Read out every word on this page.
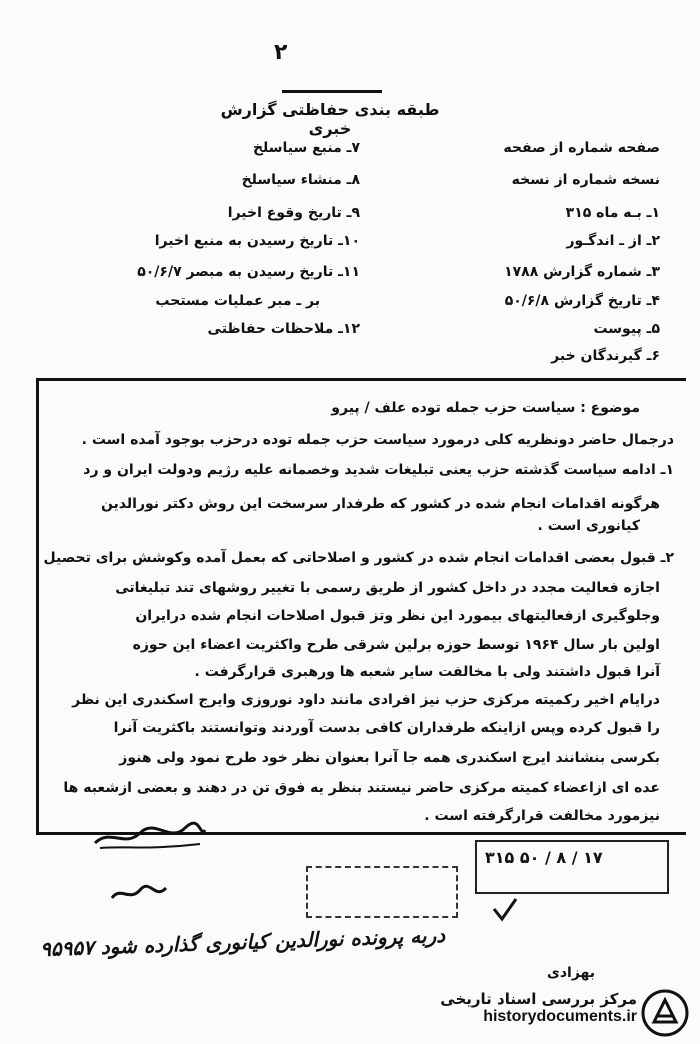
۲
طبقه بندی حفاظتی گزارش خبری
صفحه شماره از صفحه
نسخه شماره از نسخه
۱ـ بـه ماه ۳۱۵
۲ـ از ـ اندگـور
۳ـ شماره گزارش ۱۷۸۸
۴ـ تاریخ گزارش ۵۰/۶/۸
۵ـ پیوست
۶ـ گیرندگان خبر
۷ـ منبع سیاسلخ
۸ـ منشاء سیاسلخ
۹ـ تاریخ وقوع اخیرا
۱۰ـ تاریخ رسیدن به منبع اخیرا
۱۱ـ تاریخ رسیدن به مبصر ۵۰/۶/۷
بر ـ مبر عملیات مستحب
۱۲ـ ملاحظات حفاظتی
موضوع : سیاست حزب جمله توده علف / پیرو
درجمال حاضر دونظریه کلی درمورد سیاست حزب جمله توده درحزب بوجود آمده است .
۱ـ ادامه سیاست گذشته حزب یعنی تبلیغات شدید وخصمانه علیه رژیم ودولت ایران و رد
هرگونه اقدامات انجام شده در کشور که طرفدار سرسخت این روش دکتر نورالدین
کیانوری است .
۲ـ قبول بعضی اقدامات انجام شده در کشور و اصلاحاتی که بعمل آمده وکوشش برای تحصیل
اجازه فعالیت مجدد در داخل کشور از طریق رسمی با تغییر روشهای تند تبلیغاتی
وجلوگیری ازفعالیتهای بیمورد این نظر وتز قبول اصلاحات انجام شده درایران
اولین بار سال ۱۹۶۴ توسط حوزه برلین شرقی طرح واکثریت اعضاء این حوزه
آنرا قبول داشتند ولی با مخالفت سایر شعبه ها ورهبری قرارگرفت .
درایام اخیر رکمیته مرکزی حزب نیز افرادی مانند داود نوروزی وایرج اسکندری این نظر
را قبول کرده وپس ازاینکه طرفداران کافی بدست آوردند وتوانستند باکثریت آنرا
بکرسی بنشانند ایرج اسکندری همه جا آنرا بعنوان نظر خود طرح نمود ولی هنوز
عده ای ازاعضاء کمیته مرکزی حاضر نیستند بنظر یه فوق تن در دهند و بعضی ازشعبه ها
نیزمورد مخالفت قرارگرفته است .
۱۷ / ۸ / ۵۰ ۳۱۵
دربه پرونده نورالدین کیانوری گذارده شود ۹۵۹۵۷
بهزادی
مرکز بررسی اسناد تاریخی
historydocuments.ir
